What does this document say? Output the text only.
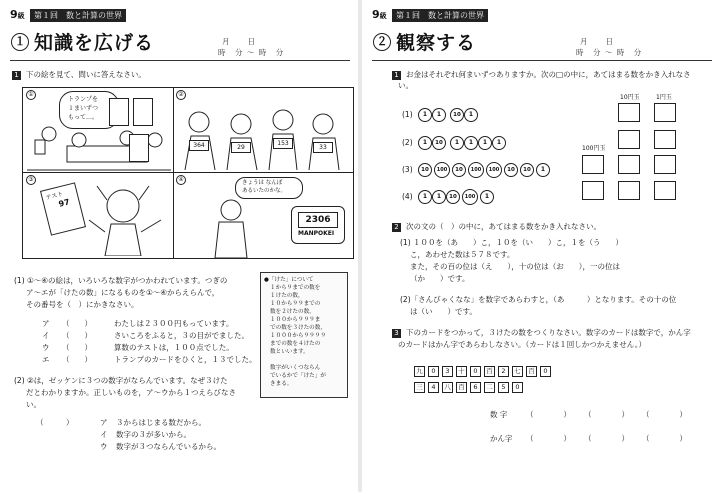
9級	第１回　数と計算の世界
１ 知識を広げる	月　　日
時　分 ～ 時　分
1 下の絵を見て、問いに答えなさい。
①
トランプを
１まいずつ
もって…。
②
364	29
153
33
③
テスト
97
④	きょうは なんぽ
あるいたのかな。
2306
MANPOKEI
(1) ①～④の絵は，いろいろな数字がつかわれています。つぎの
ア～エが「けたの数」になるものを①～④からえらんで，
その番号を（　）にかきなさい。
ア （　　）	わたしは２３００円もっています。
イ （　　）	さいころをふると，３の目がでました。
ウ （　　）	算数のテストは，１００点でした。
エ （　　）	トランプのカードをひくと，１３でした。
(2) ②は，ゼッケンに３つの数字がならんでいます。なぜ３けた
だとわかりますか。正しいものを，ア～ウから１つえらびなさ
い。
（　　　）	ア ３からはじまる数だから。
イ 数字の３が多いから。
ウ 数字が３つならんでいるから。
●「けた」について
１から９までの数を
１けたの数，
１０から９９までの
数を２けたの数，
１００から９９９ま
での数を３けたの数，
１０００から９９９９
までの数を４けたの
数といいます。
数字がいくつならん
でいるかで「けた」が
きまる。
9級	第１回　数と計算の世界
２ 観察する	月　　日
時　分 ～ 時　分
1 お金はそれぞれ何まいずつありますか。次の□の中に，あてはまる数をかき入れなさ
い。
10円玉	1円玉
100円玉
(1)	1	1	10	1
(2)	1	10	1	1	1	1
(3)	10	100	10	100	100	10	10	1
(4)	1	1	10	100	1
2 次の文の（　）の中に，あてはまる数をかき入れなさい。
(1) １００を（あ　　）こ，１０を（い　　）こ，１を（う　　）
こ，あわせた数は５７８です。
また，その百の位は（え　　），十の位は（お　　），一の位は
（か　　）です。
(2)「さんびゃくなな」を数字であらわすと，（あ　　　）となります。その十の位
は（い　　）です。
3 下のカードをつかって，３けたの数をつくりなさい。数字のカードは数字で，かん字
のカードはかん字であらわしなさい。（カードは１回しかつかえません。）
九	0	3	十	0	百	2	七	百	0
三	4	八	百	6	二	5	0
数 字 （　　　　） （　　　　） （　　　　）
かん字 （　　　　） （　　　　） （　　　　）
